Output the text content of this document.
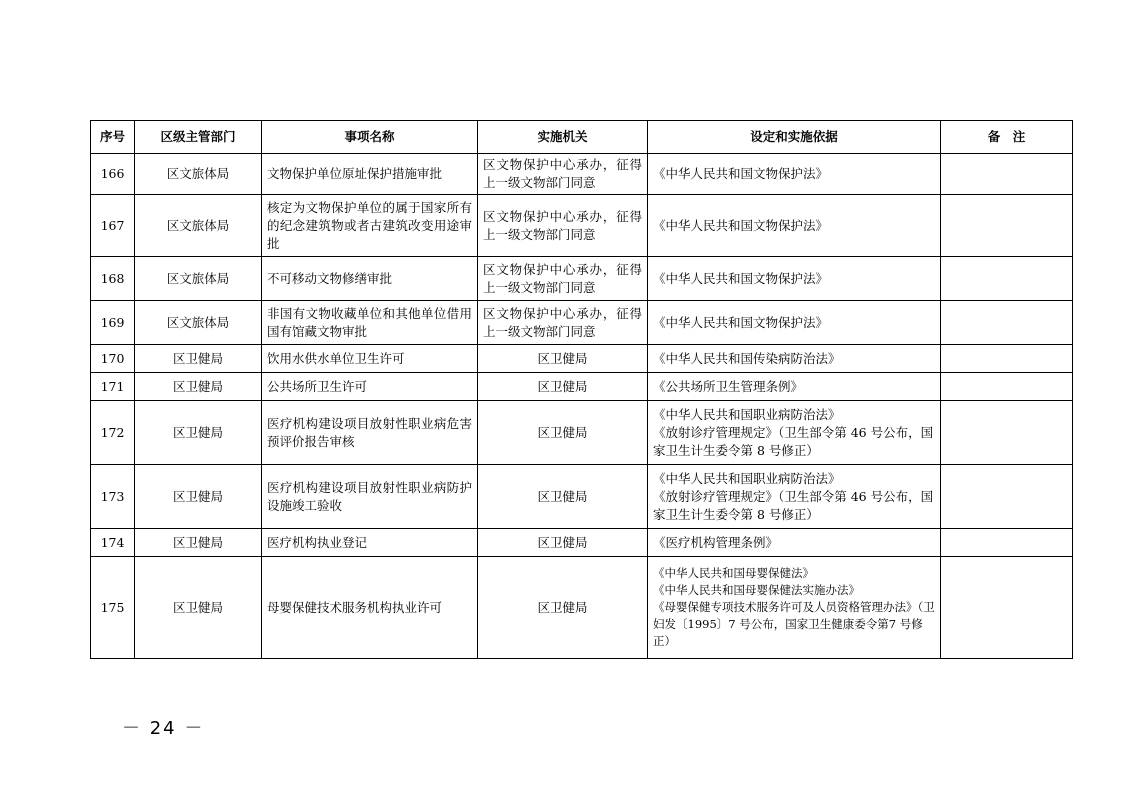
序号	区级主管部门	事项名称	实施机关	设定和实施依据	备　注
166	区文旅体局	文物保护单位原址保护措施审批	区文物保护中心承办，征得上一级文物部门同意	《中华人民共和国文物保护法》	

167	区文旅体局	核定为文物保护单位的属于国家所有的纪念建筑物或者古建筑改变用途审批	区文物保护中心承办，征得上一级文物部门同意	《中华人民共和国文物保护法》	

168	区文旅体局	不可移动文物修缮审批	区文物保护中心承办，征得上一级文物部门同意	《中华人民共和国文物保护法》	

169	区文旅体局	非国有文物收藏单位和其他单位借用国有馆藏文物审批	区文物保护中心承办，征得上一级文物部门同意	《中华人民共和国文物保护法》	

170	区卫健局	饮用水供水单位卫生许可	区卫健局	《中华人民共和国传染病防治法》	

171	区卫健局	公共场所卫生许可	区卫健局	《公共场所卫生管理条例》	

172	区卫健局	医疗机构建设项目放射性职业病危害预评价报告审核	区卫健局	《中华人民共和国职业病防治法》
《放射诊疗管理规定》（卫生部令第 46 号公布，国家卫生计生委令第 8 号修正）	

173	区卫健局	医疗机构建设项目放射性职业病防护设施竣工验收	区卫健局	《中华人民共和国职业病防治法》
《放射诊疗管理规定》（卫生部令第 46 号公布，国家卫生计生委令第 8 号修正）	

174	区卫健局	医疗机构执业登记	区卫健局	《医疗机构管理条例》	

175	区卫健局	母婴保健技术服务机构执业许可	区卫健局	《中华人民共和国母婴保健法》
《中华人民共和国母婴保健法实施办法》
《母婴保健专项技术服务许可及人员资格管理办法》（卫妇发〔1995〕7 号公布，国家卫生健康委令第7 号修正）	

－ 24 －
